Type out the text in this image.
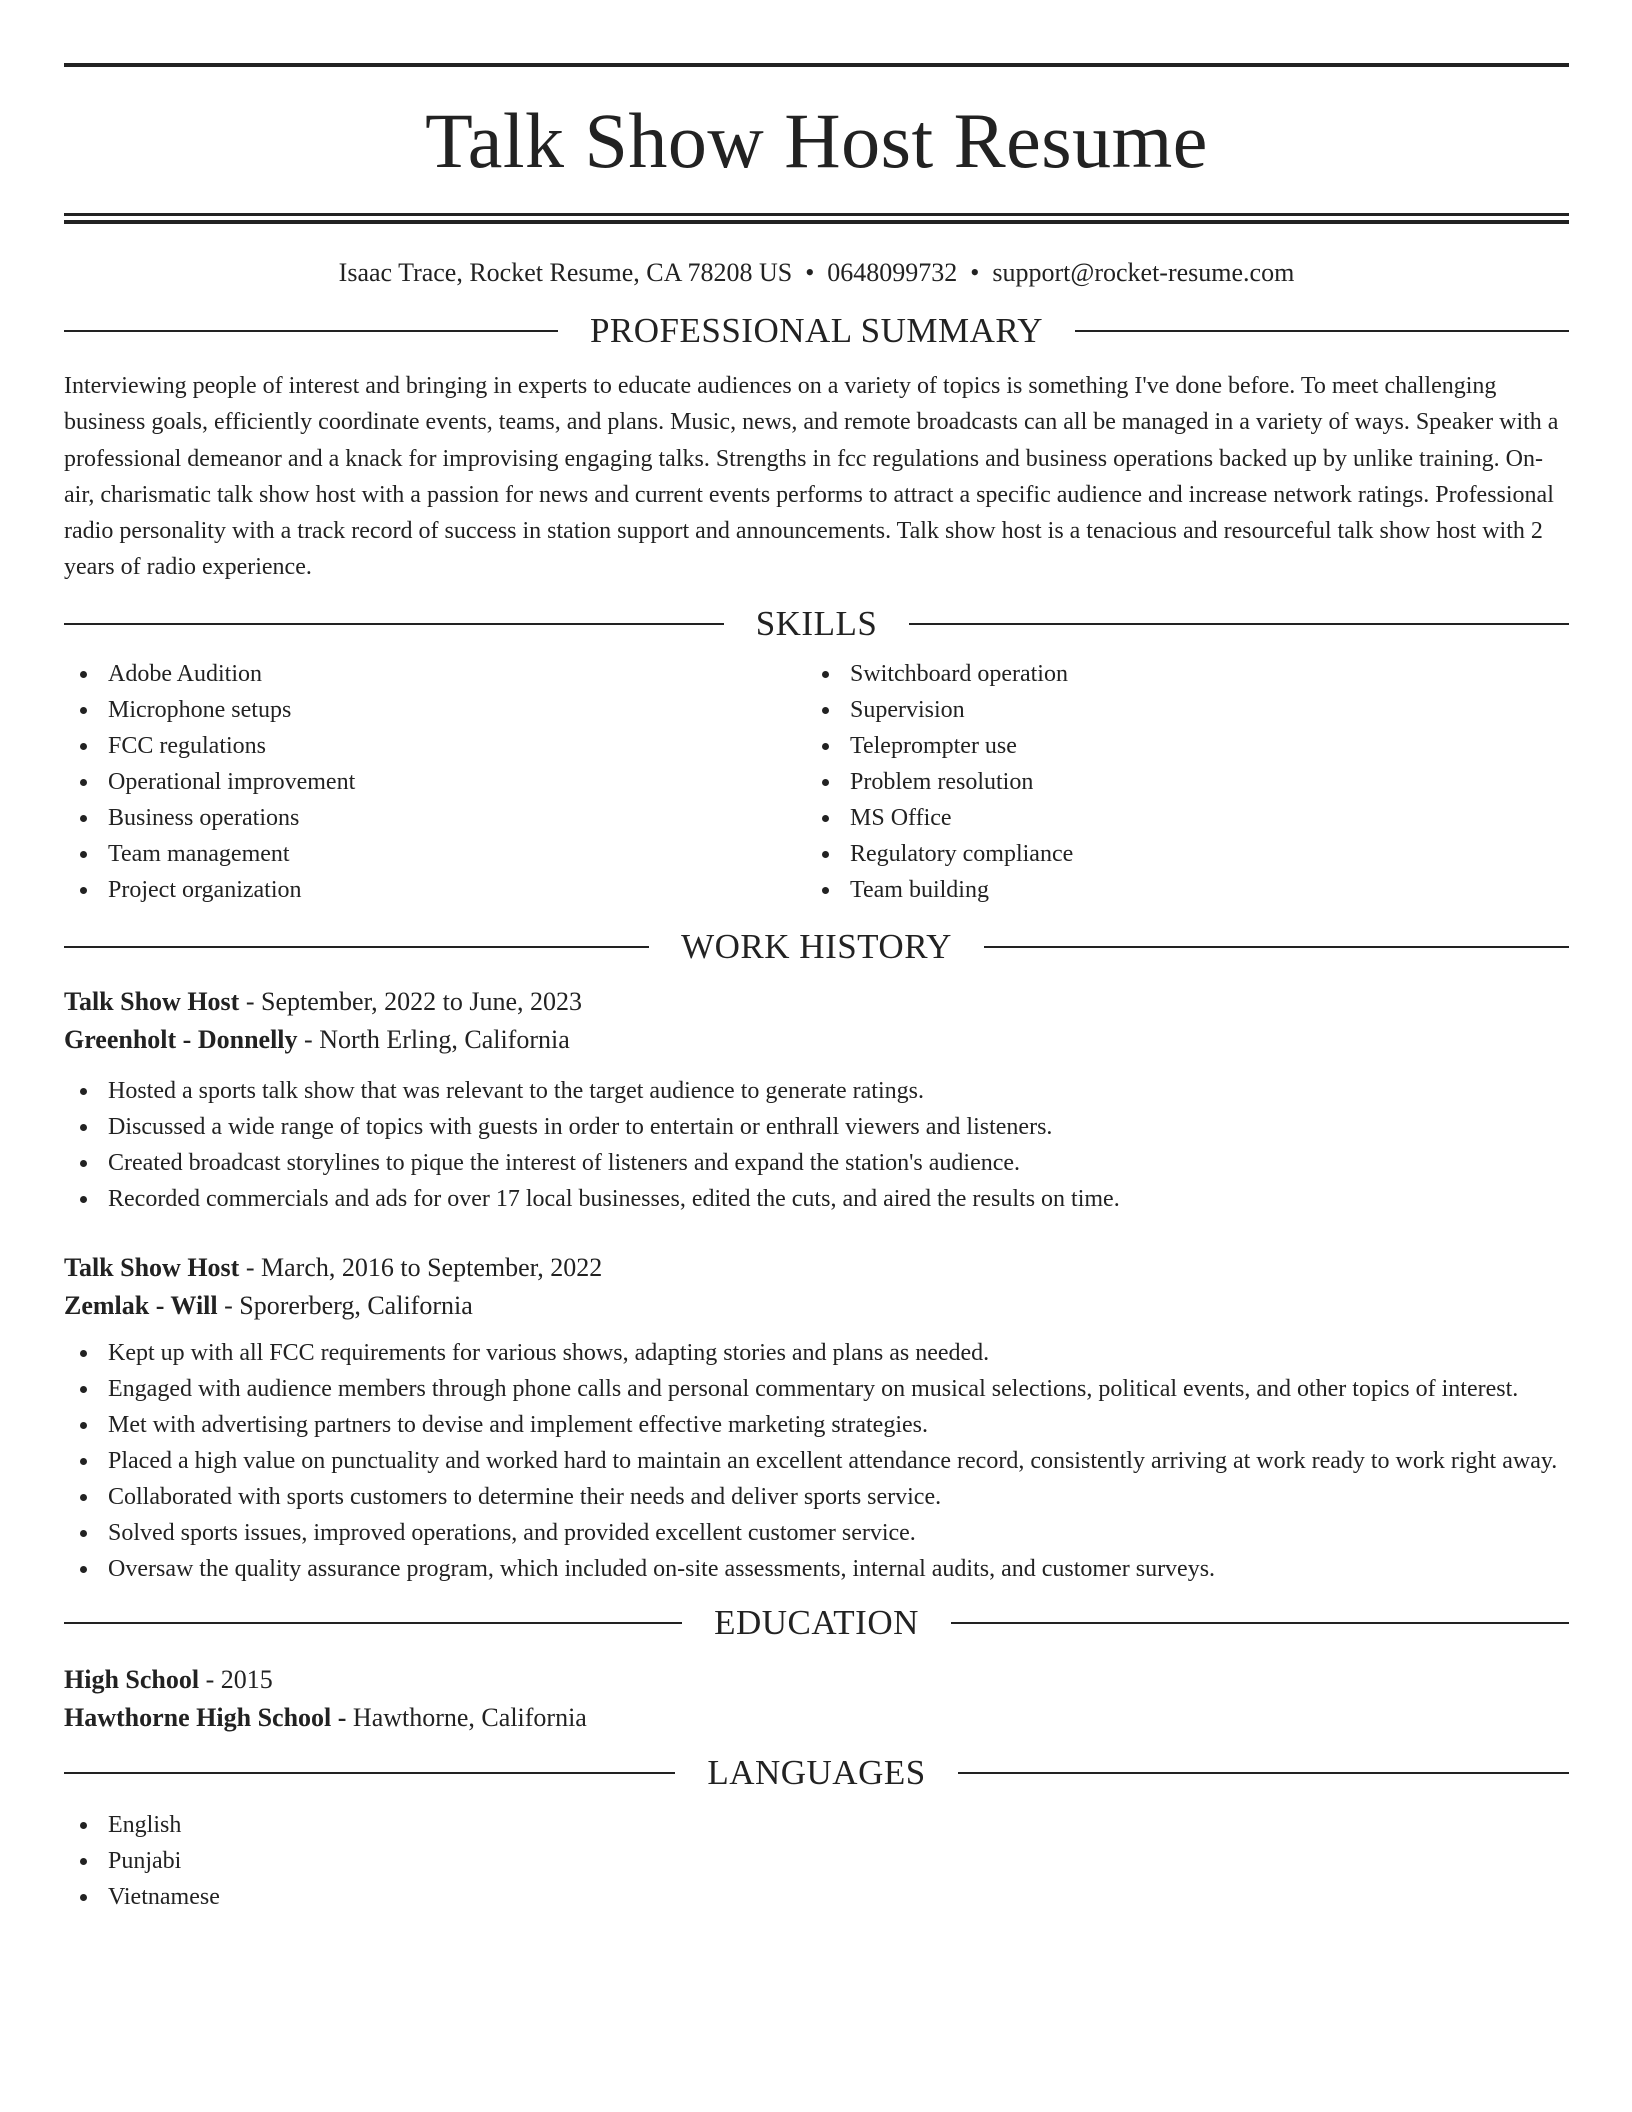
Talk Show Host Resume
Isaac Trace, Rocket Resume, CA 78208 US • 0648099732 • support@rocket-resume.com
PROFESSIONAL SUMMARY

Interviewing people of interest and bringing in experts to educate audiences on a variety of topics is something I've done before. To meet challenging business goals, efficiently coordinate events, teams, and plans. Music, news, and remote broadcasts can all be managed in a variety of ways. Speaker with a professional demeanor and a knack for improvising engaging talks. Strengths in fcc regulations and business operations backed up by unlike training. On-air, charismatic talk show host with a passion for news and current events performs to attract a specific audience and increase network ratings. Professional radio personality with a track record of success in station support and announcements. Talk show host is a tenacious and resourceful talk show host with 2 years of radio experience.

SKILLS
Adobe Audition
Microphone setups
FCC regulations
Operational improvement
Business operations
Team management
Project organization
Switchboard operation
Supervision
Teleprompter use
Problem resolution
MS Office
Regulatory compliance
Team building
WORK HISTORY
Talk Show Host - September, 2022 to June, 2023
Greenholt - Donnelly - North Erling, California
Hosted a sports talk show that was relevant to the target audience to generate ratings.
Discussed a wide range of topics with guests in order to entertain or enthrall viewers and listeners.
Created broadcast storylines to pique the interest of listeners and expand the station's audience.
Recorded commercials and ads for over 17 local businesses, edited the cuts, and aired the results on time.
Talk Show Host - March, 2016 to September, 2022
Zemlak - Will - Sporerberg, California
Kept up with all FCC requirements for various shows, adapting stories and plans as needed.
Engaged with audience members through phone calls and personal commentary on musical selections, political events, and other topics of interest.
Met with advertising partners to devise and implement effective marketing strategies.
Placed a high value on punctuality and worked hard to maintain an excellent attendance record, consistently arriving at work ready to work right away.
Collaborated with sports customers to determine their needs and deliver sports service.
Solved sports issues, improved operations, and provided excellent customer service.
Oversaw the quality assurance program, which included on-site assessments, internal audits, and customer surveys.
EDUCATION
High School - 2015
Hawthorne High School - Hawthorne, California
LANGUAGES
English
Punjabi
Vietnamese
